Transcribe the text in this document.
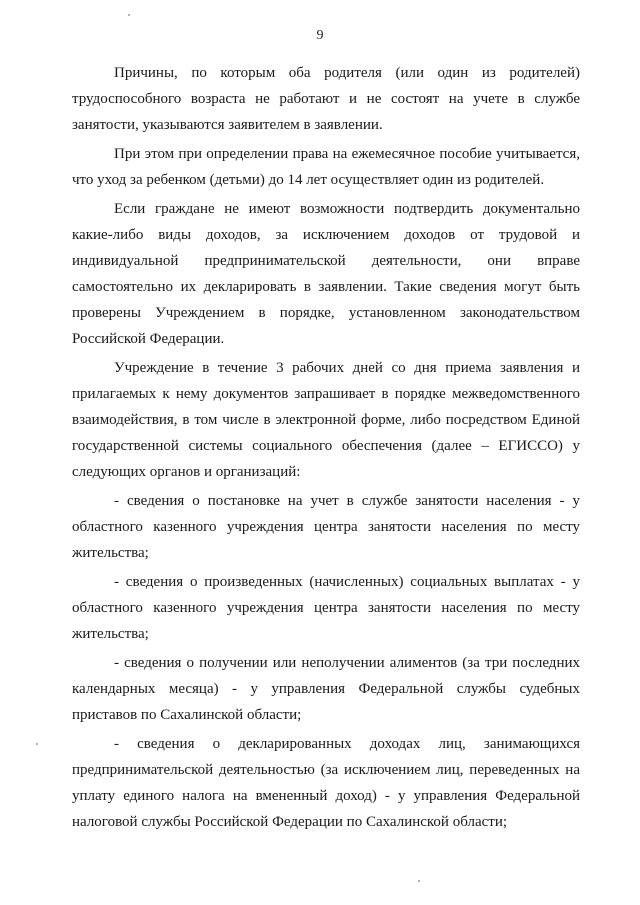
9

Причины, по которым оба родителя (или один из родителей) трудоспособного возраста не работают и не состоят на учете в службе занятости, указываются заявителем в заявлении.

При этом при определении права на ежемесячное пособие учитывается, что уход за ребенком (детьми) до 14 лет осуществляет один из родителей.

Если граждане не имеют возможности подтвердить документально какие-либо виды доходов, за исключением доходов от трудовой и индивидуальной предпринимательской деятельности, они вправе самостоятельно их декларировать в заявлении. Такие сведения могут быть проверены Учреждением в порядке, установленном законодательством Российской Федерации.

Учреждение в течение 3 рабочих дней со дня приема заявления и прилагаемых к нему документов запрашивает в порядке межведомственного взаимодействия, в том числе в электронной форме, либо посредством Единой государственной системы социального обеспечения (далее – ЕГИССО) у следующих органов и организаций:

- сведения о постановке на учет в службе занятости населения - у областного казенного учреждения центра занятости населения по месту жительства;

- сведения о произведенных (начисленных) социальных выплатах - у областного казенного учреждения центра занятости населения по месту жительства;

- сведения о получении или неполучении алиментов (за три последних календарных месяца) - у управления Федеральной службы судебных приставов по Сахалинской области;

- сведения о декларированных доходах лиц, занимающихся предпринимательской деятельностью (за исключением лиц, переведенных на уплату единого налога на вмененный доход) - у управления Федеральной налоговой службы Российской Федерации по Сахалинской области;
